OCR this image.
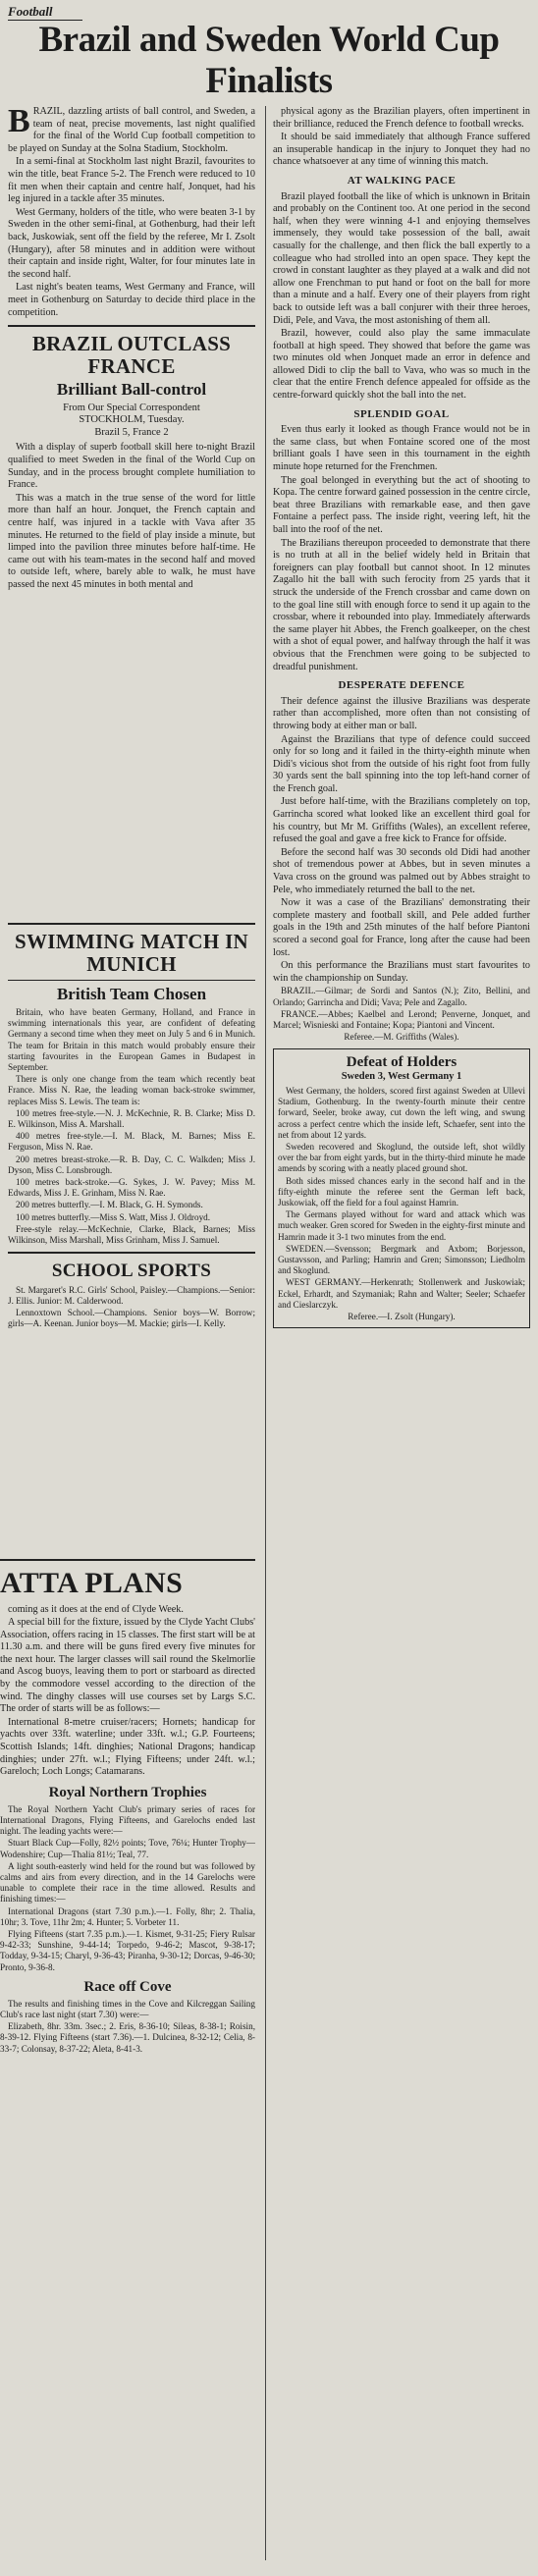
Football
Brazil and Sweden World Cup Finalists

B RAZIL, dazzling artists of ball control, and Sweden, a team of neat, precise movements, last night qualified for the final of the World Cup football competition to be played on Sunday at the Solna Stadium, Stockholm.

In a semi-final at Stockholm last night Brazil, favourites to win the title, beat France 5-2. The French were reduced to 10 fit men when their captain and centre half, Jonquet, had his leg injured in a tackle after 35 minutes.

West Germany, holders of the title, who were beaten 3-1 by Sweden in the other semi-final, at Gothenburg, had their left back, Juskowiak, sent off the field by the referee, Mr I. Zsolt (Hungary), after 58 minutes and in addition were without their captain and inside right, Walter, for four minutes late in the second half.

Last night's beaten teams, West Germany and France, will meet in Gothenburg on Saturday to decide third place in the competition.

BRAZIL OUTCLASS FRANCE
Brilliant Ball-control
From Our Special Correspondent
STOCKHOLM, Tuesday.
Brazil 5, France 2

With a display of superb football skill here to-night Brazil qualified to meet Sweden in the final of the World Cup on Sunday, and in the process brought complete humiliation to France.

This was a match in the true sense of the word for little more than half an hour. Jonquet, the French captain and centre half, was injured in a tackle with Vava after 35 minutes. He returned to the field of play inside a minute, but limped into the pavilion three minutes before half-time. He came out with his team-mates in the second half and moved to outside left, where, barely able to walk, he must have passed the next 45 minutes in both mental and

physical agony as the Brazilian players, often impertinent in their brilliance, reduced the French defence to football wrecks.

It should be said immediately that although France suffered an insuperable handicap in the injury to Jonquet they had no chance whatsoever at any time of winning this match.

AT WALKING PACE

Brazil played football the like of which is unknown in Britain and probably on the Continent too. At one period in the second half, when they were winning 4-1 and enjoying themselves immensely, they would take possession of the ball, await casually for the challenge, and then flick the ball expertly to a colleague who had strolled into an open space. They kept the crowd in constant laughter as they played at a walk and did not allow one Frenchman to put hand or foot on the ball for more than a minute and a half. Every one of their players from right back to outside left was a ball conjurer with their three heroes, Didi, Pele, and Vava, the most astonishing of them all.

Brazil, however, could also play the same immaculate football at high speed. They showed that before the game was two minutes old when Jonquet made an error in defence and allowed Didi to clip the ball to Vava, who was so much in the clear that the entire French defence appealed for offside as the centre-forward quickly shot the ball into the net.

SPLENDID GOAL

Even thus early it looked as though France would not be in the same class, but when Fontaine scored one of the most brilliant goals I have seen in this tournament in the eighth minute hope returned for the Frenchmen.

The goal belonged in everything but the act of shooting to Kopa. The centre forward gained possession in the centre circle, beat three Brazilians with remarkable ease, and then gave Fontaine a perfect pass. The inside right, veering left, hit the ball into the roof of the net.

The Brazilians thereupon proceeded to demonstrate that there is no truth at all in the belief widely held in Britain that foreigners can play football but cannot shoot. In 12 minutes Zagallo hit the ball with such ferocity from 25 yards that it struck the underside of the French crossbar and came down on to the goal line still with enough force to send it up again to the crossbar, where it rebounded into play. Immediately afterwards the same player hit Abbes, the French goalkeeper, on the chest with a shot of equal power, and halfway through the half it was obvious that the Frenchmen were going to be subjected to dreadful punishment.

DESPERATE DEFENCE

Their defence against the illusive Brazilians was desperate rather than accomplished, more often than not consisting of throwing body at either man or ball.

Against the Brazilians that type of defence could succeed only for so long and it failed in the thirty-eighth minute when Didi's vicious shot from the outside of his right foot from fully 30 yards sent the ball spinning into the top left-hand corner of the French goal.

Just before half-time, with the Brazilians completely on top, Garrincha scored what looked like an excellent third goal for his country, but Mr M. Griffiths (Wales), an excellent referee, refused the goal and gave a free kick to France for offside.

Before the second half was 30 seconds old Didi had another shot of tremendous power at Abbes, but in seven minutes a Vava cross on the ground was palmed out by Abbes straight to Pele, who immediately returned the ball to the net.

Now it was a case of the Brazilians' demonstrating their complete mastery and football skill, and Pele added further goals in the 19th and 25th minutes of the half before Piantoni scored a second goal for France, long after the cause had been lost.

On this performance the Brazilians must start favourites to win the championship on Sunday.

BRAZIL.—Gilmar; de Sordi and Santos (N.); Zito, Bellini, and Orlando; Garrincha and Didi; Vava; Pele and Zagallo.

FRANCE.—Abbes; Kaelbel and Lerond; Penverne, Jonquet, and Marcel; Wisnieski and Fontaine; Kopa; Piantoni and Vincent.

Referee.—M. Griffiths (Wales).

Defeat of Holders
Sweden 3, West Germany 1

West Germany, the holders, scored first against Sweden at Ullevi Stadium, Gothenburg. In the twenty-fourth minute their centre forward, Seeler, broke away, cut down the left wing, and swung across a perfect centre which the inside left, Schaefer, sent into the net from about 12 yards.

Sweden recovered and Skoglund, the outside left, shot wildly over the bar from eight yards, but in the thirty-third minute he made amends by scoring with a neatly placed ground shot.

Both sides missed chances early in the second half and in the fifty-eighth minute the referee sent the German left back, Juskowiak, off the field for a foul against Hamrin.

The Germans played without for ward and attack which was much weaker. Gren scored for Sweden in the eighty-first minute and Hamrin made it 3-1 two minutes from the end.

SWEDEN.—Svensson; Bergmark and Axbom; Borjesson, Gustavsson, and Parling; Hamrin and Gren; Simonsson; Liedholm and Skoglund.

WEST GERMANY.—Herkenrath; Stollenwerk and Juskowiak; Eckel, Erhardt, and Szymaniak; Rahn and Walter; Seeler; Schaefer and Cieslarczyk.

Referee.—I. Zsolt (Hungary).

SWIMMING MATCH IN MUNICH
British Team Chosen

Britain, who have beaten Germany, Holland, and France in swimming internationals this year, are confident of defeating Germany a second time when they meet on July 5 and 6 in Munich. The team for Britain in this match would probably ensure their starting favourites in the European Games in Budapest in September.

There is only one change from the team which recently beat France. Miss N. Rae, the leading woman back-stroke swimmer, replaces Miss S. Lewis. The team is:

100 metres free-style.—N. J. McKechnie, R. B. Clarke; Miss D. E. Wilkinson, Miss A. Marshall.

400 metres free-style.—I. M. Black, M. Barnes; Miss E. Ferguson, Miss N. Rae.

200 metres breast-stroke.—R. B. Day, C. C. Walkden; Miss J. Dyson, Miss C. Lonsbrough.

100 metres back-stroke.—G. Sykes, J. W. Pavey; Miss M. Edwards, Miss J. E. Grinham, Miss N. Rae.

200 metres butterfly.—I. M. Black, G. H. Symonds.

100 metres butterfly.—Miss S. Watt, Miss J. Oldroyd.

Free-style relay.—McKechnie, Clarke, Black, Barnes; Miss Wilkinson, Miss Marshall, Miss Grinham, Miss J. Samuel.

SCHOOL SPORTS

St. Margaret's R.C. Girls' School, Paisley.—Champions.—Senior: J. Ellis. Junior: M. Calderwood.

Lennoxtown School.—Champions. Senior boys—W. Borrow; girls—A. Keenan. Junior boys—M. Mackie; girls—I. Kelly.

ATTA PLANS

coming as it does at the end of Clyde Week.

A special bill for the fixture, issued by the Clyde Yacht Clubs' Association, offers racing in 15 classes. The first start will be at 11.30 a.m. and there will be guns fired every five minutes for the next hour. The larger classes will sail round the Skelmorlie and Ascog buoys, leaving them to port or starboard as directed by the commodore vessel according to the direction of the wind. The dinghy classes will use courses set by Largs S.C. The order of starts will be as follows:—

International 8-metre cruiser/racers; Hornets; handicap for yachts over 33ft. waterline; under 33ft. w.l.; G.P. Fourteens; Scottish Islands; 14ft. dinghies; National Dragons; handicap dinghies; under 27ft. w.l.; Flying Fifteens; under 24ft. w.l.; Gareloch; Loch Longs; Catamarans.

Royal Northern Trophies

The Royal Northern Yacht Club's primary series of races for International Dragons, Flying Fifteens, and Garelochs ended last night. The leading yachts were:—

Stuart Black Cup—Folly, 82½ points; Tove, 76¼; Hunter Trophy—Wodenshire; Cup—Thalia 81½; Teal, 77.

A light south-easterly wind held for the round but was followed by calms and airs from every direction, and in the 14 Garelochs were unable to complete their race in the time allowed. Results and finishing times:—

International Dragons (start 7.30 p.m.).—1. Folly, 8hr; 2. Thalia, 10hr; 3. Tove, 11hr 2m; 4. Hunter; 5. Vorbeter 11.

Flying Fifteens (start 7.35 p.m.).—1. Kismet, 9-31-25; Fiery Rulsar 9-42-33; Sunshine, 9-44-14; Torpedo, 9-46-2; Mascot, 9-38-17; Todday, 9-34-15; Charyl, 9-36-43; Piranha, 9-30-12; Dorcas, 9-46-30; Pronto, 9-36-8.

Race off Cove

The results and finishing times in the Cove and Kilcreggan Sailing Club's race last night (start 7.30) were:—

Elizabeth, 8hr. 33m. 3sec.; 2. Eris, 8-36-10; Sileas, 8-38-1; Roisin, 8-39-12. Flying Fifteens (start 7.36).—1. Dulcinea, 8-32-12; Celia, 8-33-7; Colonsay, 8-37-22; Aleta, 8-41-3.
